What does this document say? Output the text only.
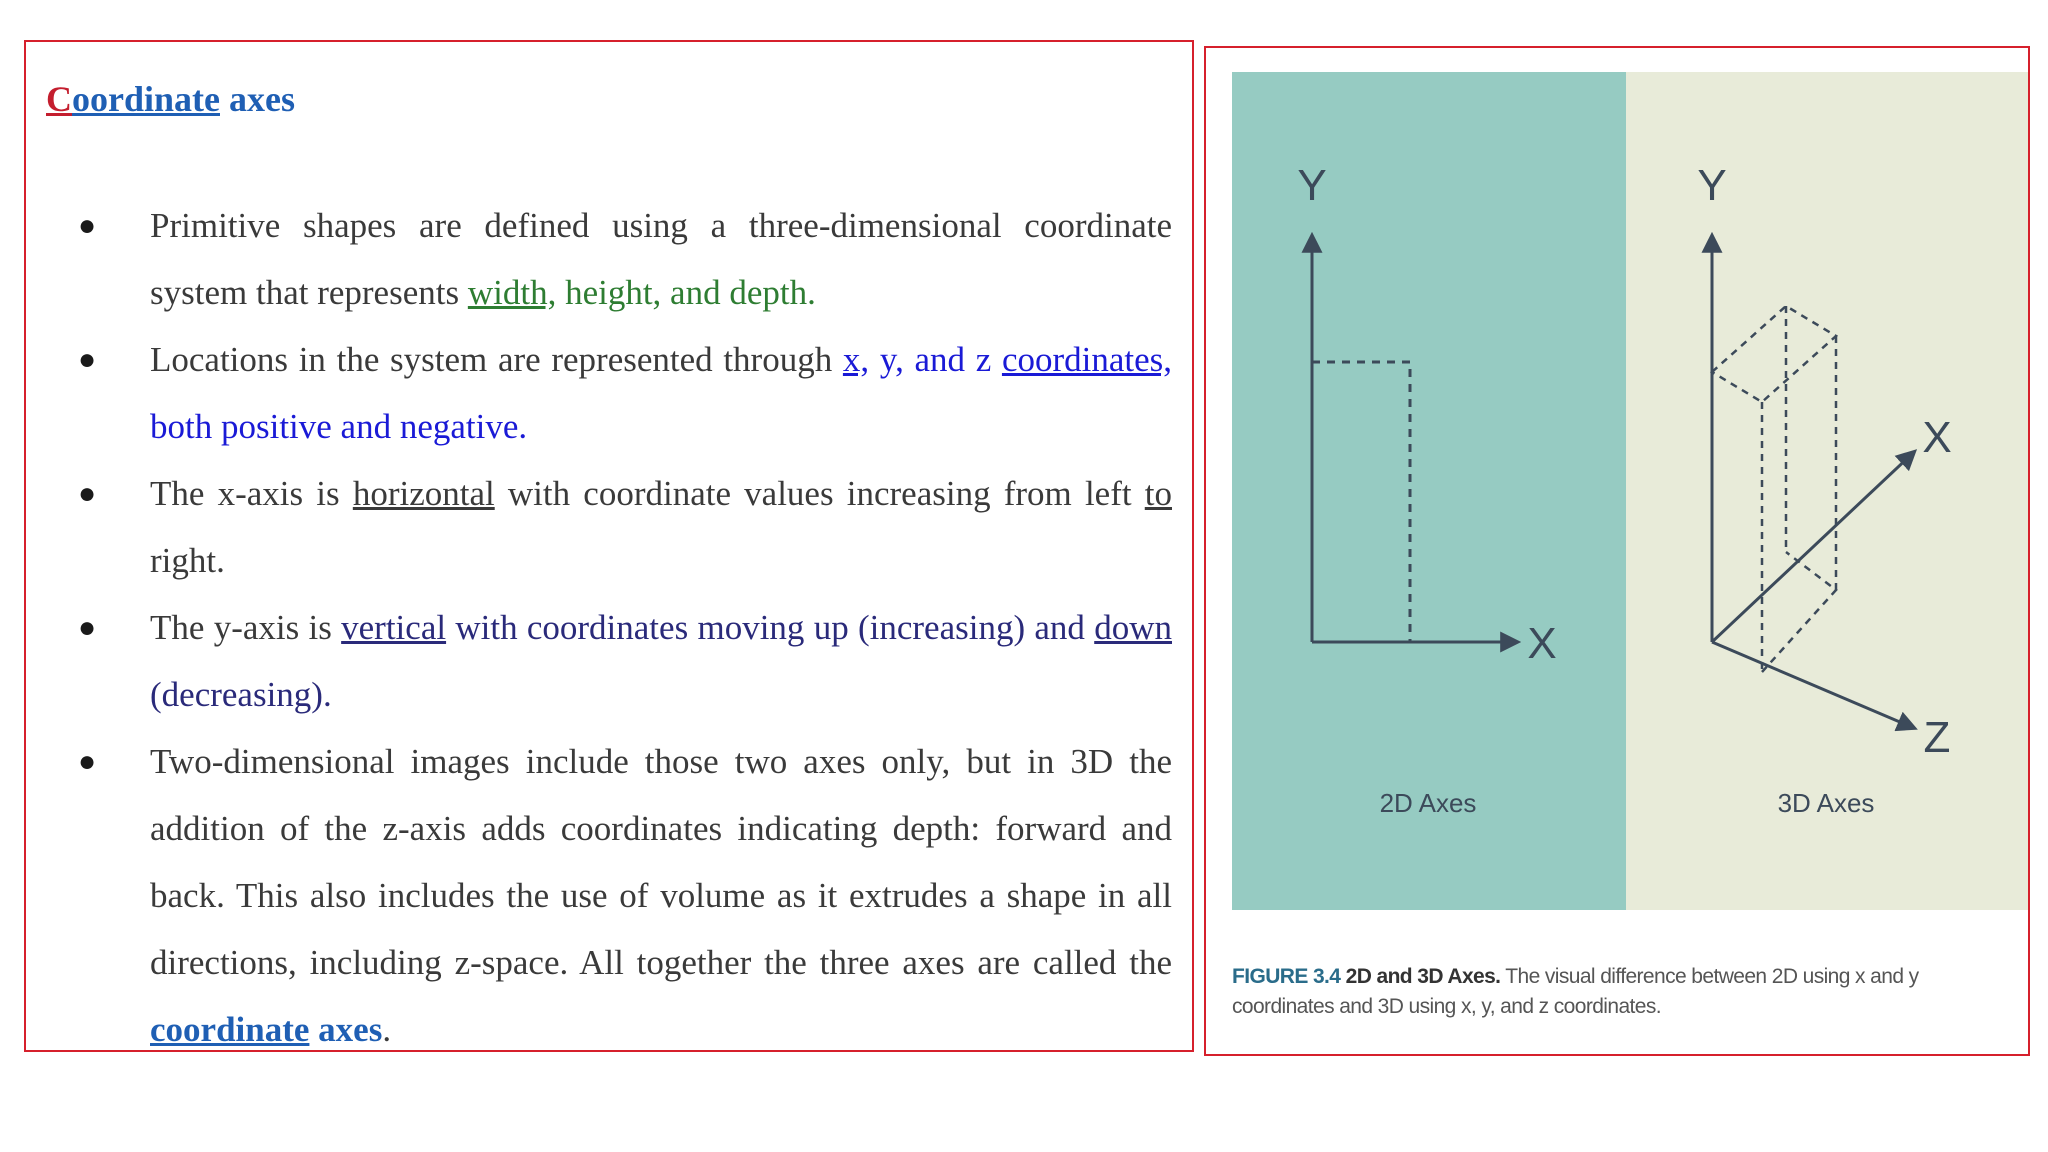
Coordinate axes
● Primitive shapes are defined using a three-dimensional coordinate system that represents width, height, and depth.
● Locations in the system are represented through x, y, and z coordinates, both positive and negative.
● The x-axis is horizontal with coordinate values increasing from left to right.
● The y-axis is vertical with coordinates moving up (increasing) and down (decreasing).
● Two-dimensional images include those two axes only, but in 3D the addition of the z-axis adds coordinates indicating depth: forward and back. This also includes the use of volume as it extrudes a shape in all directions, including z-space. All together the three axes are called the coordinate axes.
Y
X
2D Axes
Y
X
Z
3D Axes
FIGURE 3.4 2D and 3D Axes. The visual difference between 2D using x and y coordinates and 3D using x, y, and z coordinates.
